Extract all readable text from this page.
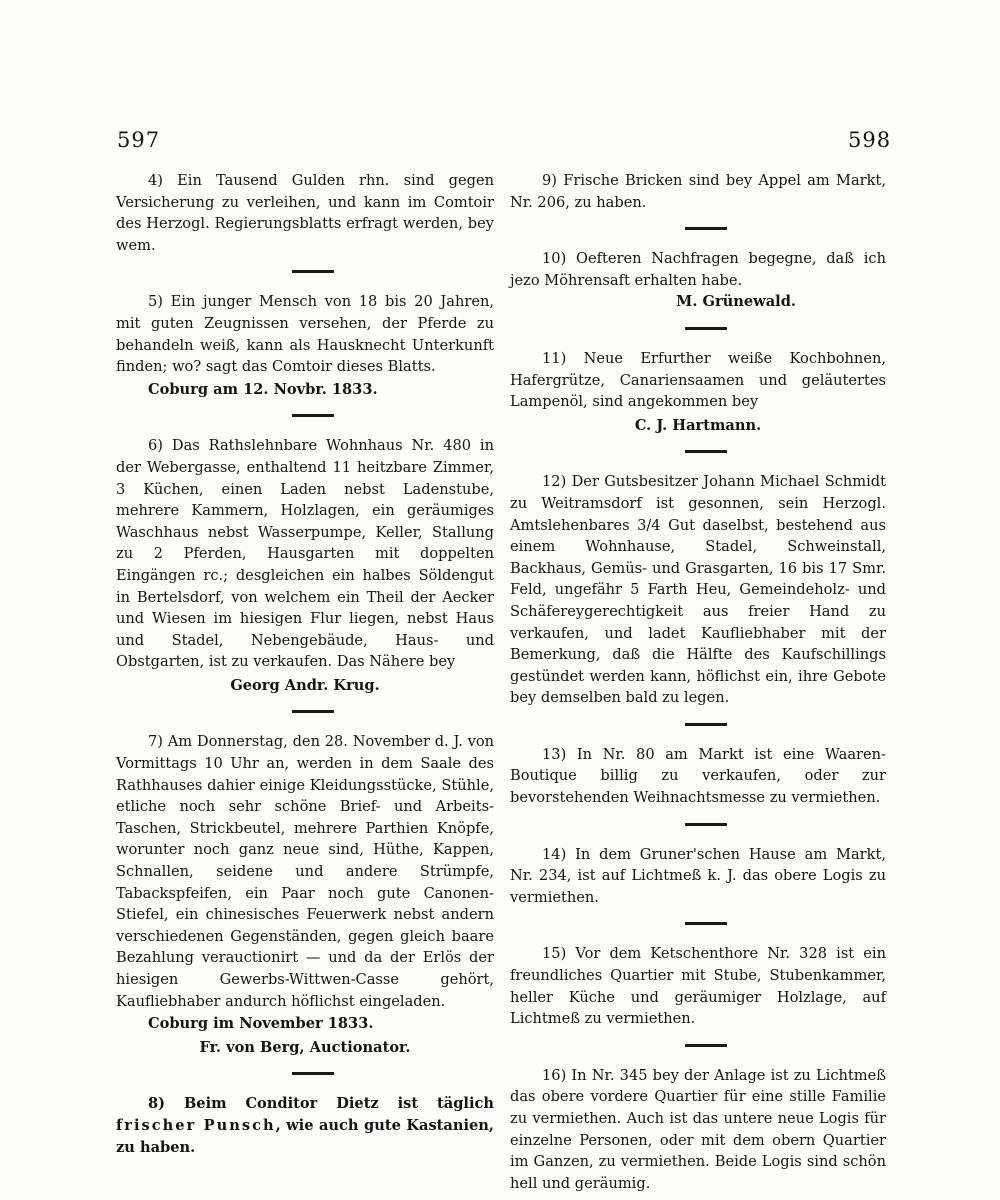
597	598

4) Ein Tausend Gulden rhn. sind gegen Versicherung zu verleihen, und kann im Comtoir des Herzogl. Regierungsblatts erfragt werden, bey wem.

5) Ein junger Mensch von 18 bis 20 Jahren, mit guten Zeugnissen versehen, der Pferde zu behandeln weiß, kann als Hausknecht Unterkunft finden; wo? sagt das Comtoir dieses Blatts.

Coburg am 12. Novbr. 1833.

6) Das Rathslehnbare Wohnhaus Nr. 480 in der Webergasse, enthaltend 11 heitzbare Zimmer, 3 Küchen, einen Laden nebst Ladenstube, mehrere Kammern, Holzlagen, ein geräumiges Waschhaus nebst Wasserpumpe, Keller, Stallung zu 2 Pferden, Hausgarten mit doppelten Eingängen rc.; desgleichen ein halbes Söldengut in Bertelsdorf, von welchem ein Theil der Aecker und Wiesen im hiesigen Flur liegen, nebst Haus und Stadel, Nebengebäude, Haus- und Obstgarten, ist zu verkaufen. Das Nähere bey

Georg Andr. Krug.

7) Am Donnerstag, den 28. November d. J. von Vormittags 10 Uhr an, werden in dem Saale des Rathhauses dahier einige Kleidungsstücke, Stühle, etliche noch sehr schöne Brief- und Arbeits-Taschen, Strickbeutel, mehrere Parthien Knöpfe, worunter noch ganz neue sind, Hüthe, Kappen, Schnallen, seidene und andere Strümpfe, Tabackspfeifen, ein Paar noch gute Canonen-Stiefel, ein chinesisches Feuerwerk nebst andern verschiedenen Gegenständen, gegen gleich baare Bezahlung verauctionirt — und da der Erlös der hiesigen Gewerbs-Wittwen-Casse gehört, Kaufliebhaber andurch höflichst eingeladen.

Coburg im November 1833.

Fr. von Berg, Auctionator.

8) Beim Conditor Dietz ist täglich frischer Punsch, wie auch gute Kastanien, zu haben.

9) Frische Bricken sind bey Appel am Markt, Nr. 206, zu haben.

10) Oefteren Nachfragen begegne, daß ich jezo Möhrensaft erhalten habe.

M. Grünewald.

11) Neue Erfurther weiße Kochbohnen, Hafergrütze, Canariensaamen und geläutertes Lampenöl, sind angekommen bey

C. J. Hartmann.

12) Der Gutsbesitzer Johann Michael Schmidt zu Weitramsdorf ist gesonnen, sein Herzogl. Amtslehenbares 3/4 Gut daselbst, bestehend aus einem Wohnhause, Stadel, Schweinstall, Backhaus, Gemüs- und Grasgarten, 16 bis 17 Smr. Feld, ungefähr 5 Farth Heu, Gemeindeholz- und Schäfereygerechtigkeit aus freier Hand zu verkaufen, und ladet Kaufliebhaber mit der Bemerkung, daß die Hälfte des Kaufschillings gestündet werden kann, höflichst ein, ihre Gebote bey demselben bald zu legen.

13) In Nr. 80 am Markt ist eine Waaren-Boutique billig zu verkaufen, oder zur bevorstehenden Weihnachtsmesse zu vermiethen.

14) In dem Gruner'schen Hause am Markt, Nr. 234, ist auf Lichtmeß k. J. das obere Logis zu vermiethen.

15) Vor dem Ketschenthore Nr. 328 ist ein freundliches Quartier mit Stube, Stubenkammer, heller Küche und geräumiger Holzlage, auf Lichtmeß zu vermiethen.

16) In Nr. 345 bey der Anlage ist zu Lichtmeß das obere vordere Quartier für eine stille Familie zu vermiethen. Auch ist das untere neue Logis für einzelne Personen, oder mit dem obern Quartier im Ganzen, zu vermiethen. Beide Logis sind schön hell und geräumig.
